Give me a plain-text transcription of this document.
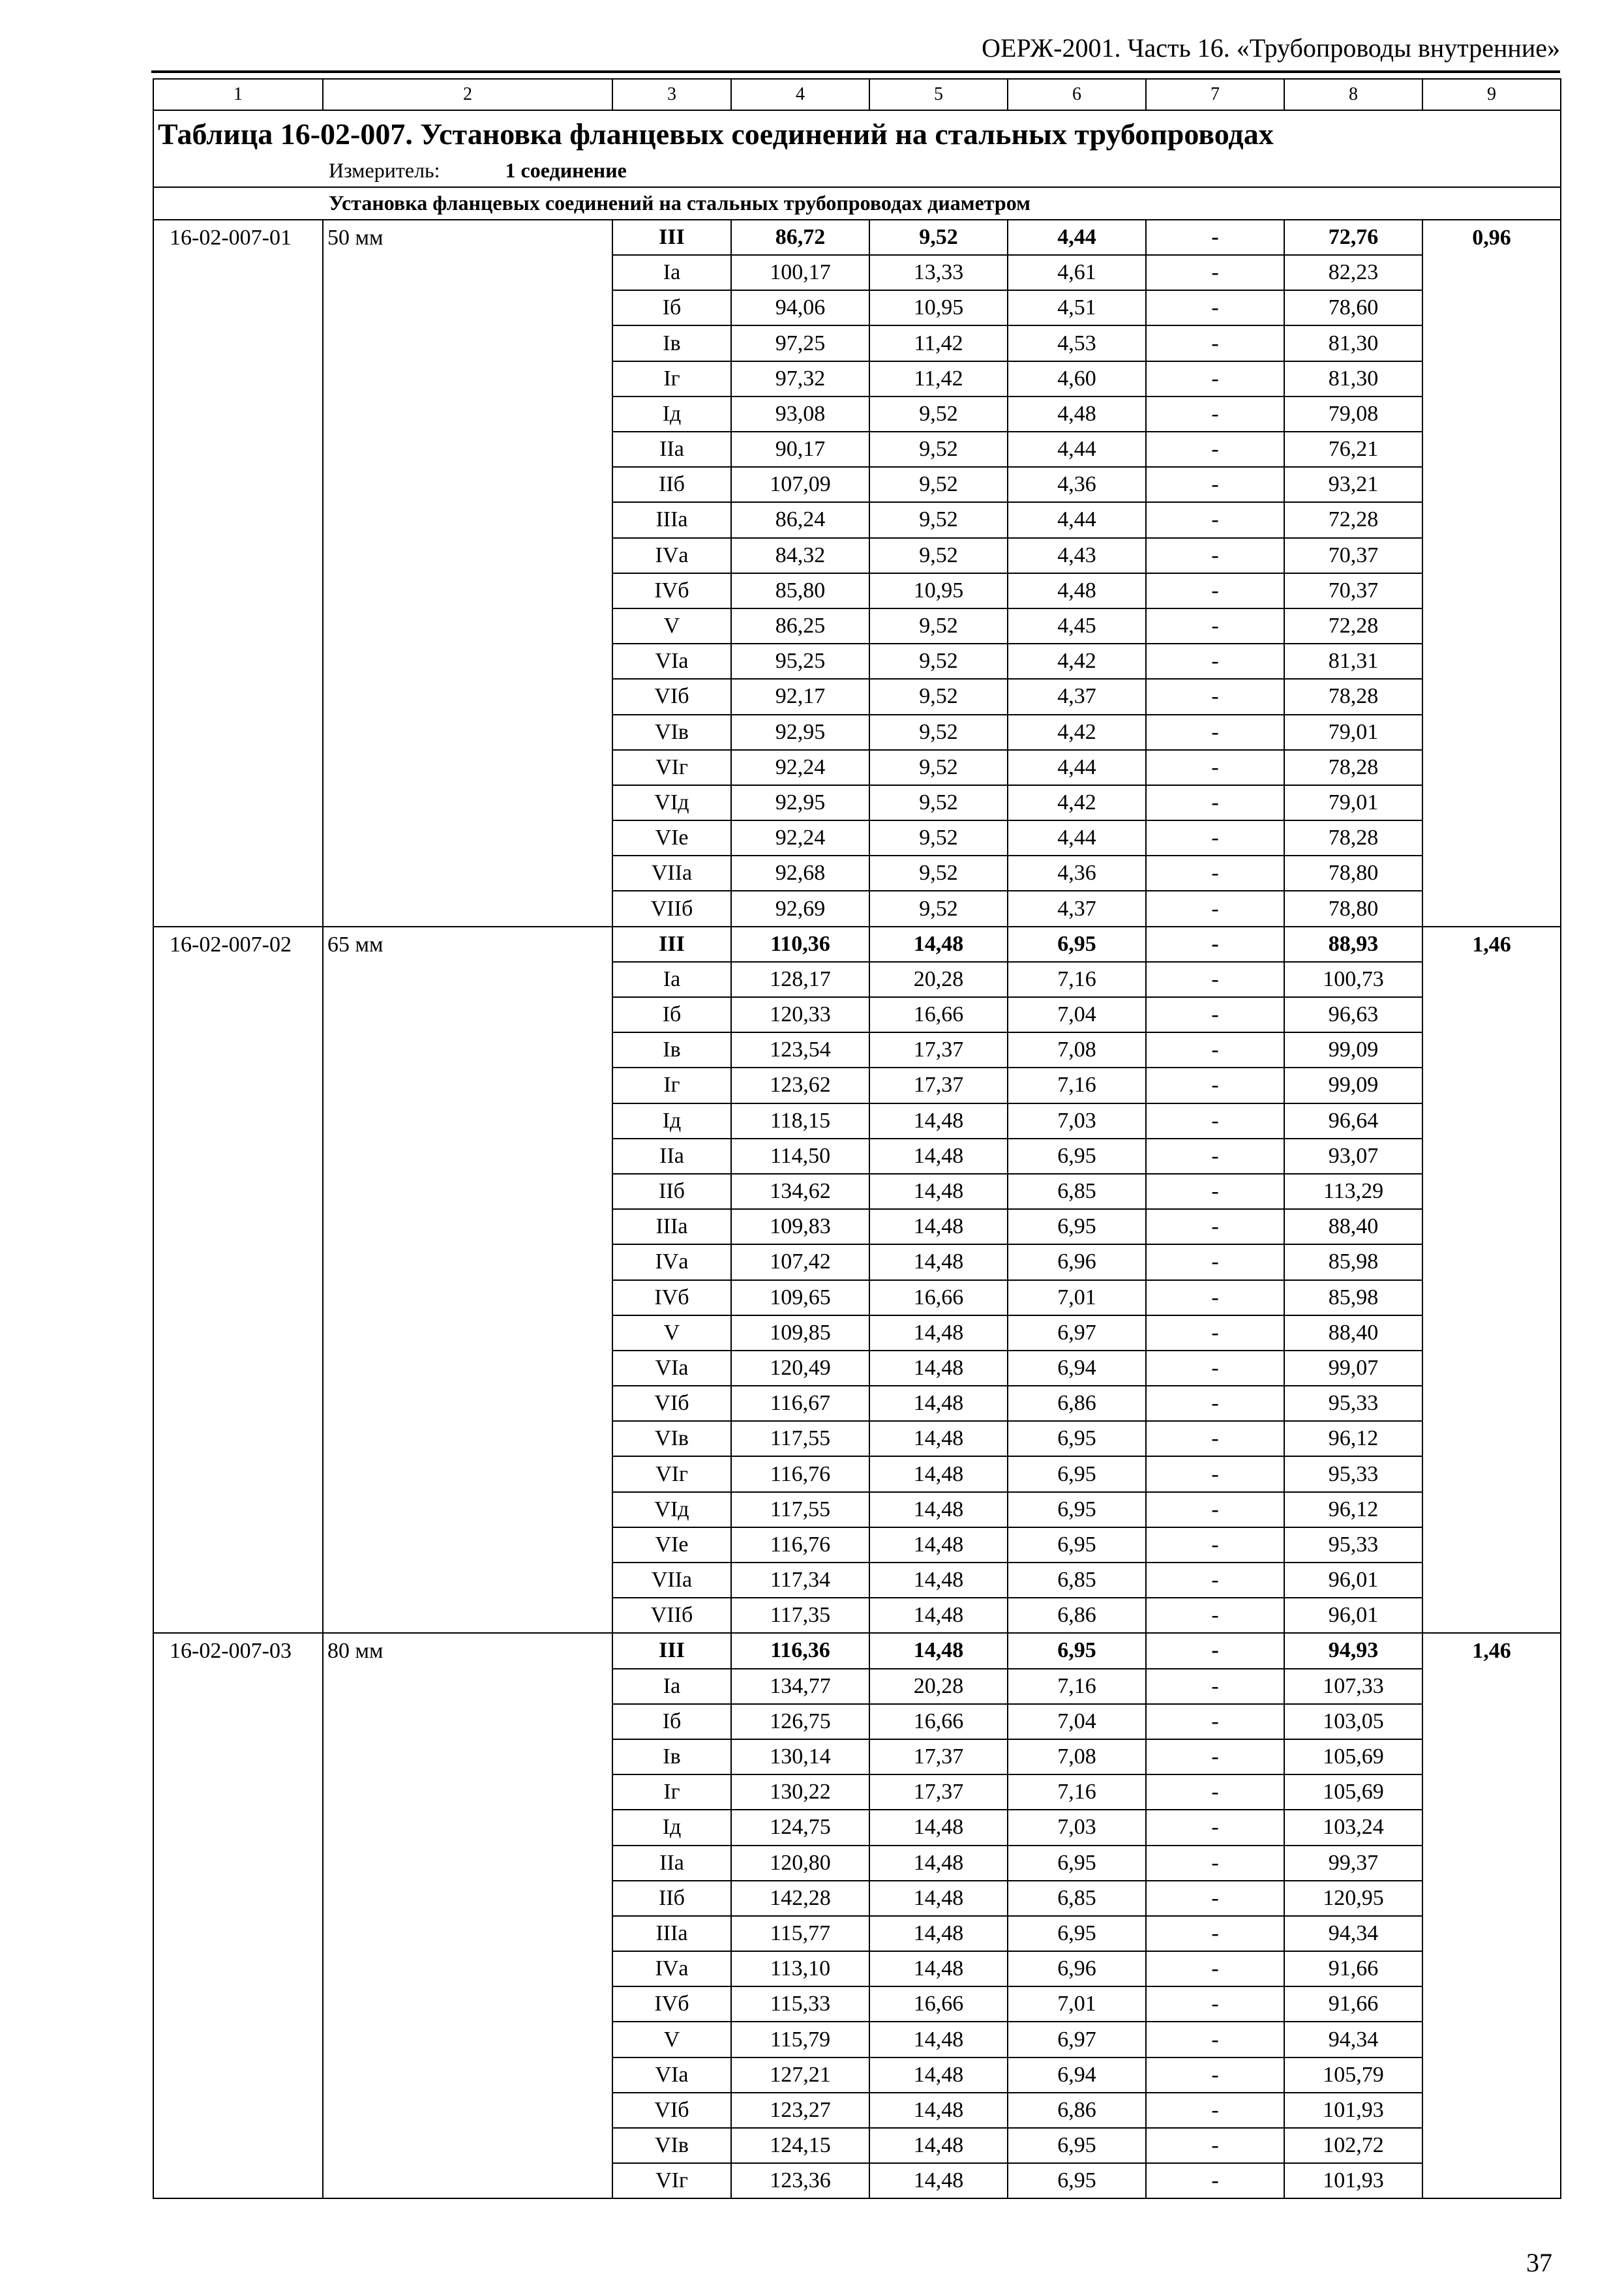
ОЕРЖ-2001. Часть 16. «Трубопроводы внутренние»
1	2	3	4	5	6	7	8	9

Таблица 16-02-007. Установка фланцевых соединений на стальных трубопроводах
Измеритель: 1 соединение								

Установка фланцевых соединений на стальных трубопроводах диаметром								
16-02-007-01	50 мм	III	86,72	9,52	4,44	-	72,76	0,96
		Iа	100,17	13,33	4,61	-	82,23	
		Iб	94,06	10,95	4,51	-	78,60	
		Iв	97,25	11,42	4,53	-	81,30	
		Iг	97,32	11,42	4,60	-	81,30	
		Iд	93,08	9,52	4,48	-	79,08	
		IIа	90,17	9,52	4,44	-	76,21	
		IIб	107,09	9,52	4,36	-	93,21	
		IIIа	86,24	9,52	4,44	-	72,28	
		IVа	84,32	9,52	4,43	-	70,37	
		IVб	85,80	10,95	4,48	-	70,37	
		V	86,25	9,52	4,45	-	72,28	
		VIа	95,25	9,52	4,42	-	81,31	
		VIб	92,17	9,52	4,37	-	78,28	
		VIв	92,95	9,52	4,42	-	79,01	
		VIг	92,24	9,52	4,44	-	78,28	
		VIд	92,95	9,52	4,42	-	79,01	
		VIе	92,24	9,52	4,44	-	78,28	
		VIIа	92,68	9,52	4,36	-	78,80	
		VIIб	92,69	9,52	4,37	-	78,80	
16-02-007-02	65 мм	III	110,36	14,48	6,95	-	88,93	1,46
		Iа	128,17	20,28	7,16	-	100,73	
		Iб	120,33	16,66	7,04	-	96,63	
		Iв	123,54	17,37	7,08	-	99,09	
		Iг	123,62	17,37	7,16	-	99,09	
		Iд	118,15	14,48	7,03	-	96,64	
		IIа	114,50	14,48	6,95	-	93,07	
		IIб	134,62	14,48	6,85	-	113,29	
		IIIа	109,83	14,48	6,95	-	88,40	
		IVа	107,42	14,48	6,96	-	85,98	
		IVб	109,65	16,66	7,01	-	85,98	
		V	109,85	14,48	6,97	-	88,40	
		VIа	120,49	14,48	6,94	-	99,07	
		VIб	116,67	14,48	6,86	-	95,33	
		VIв	117,55	14,48	6,95	-	96,12	
		VIг	116,76	14,48	6,95	-	95,33	
		VIд	117,55	14,48	6,95	-	96,12	
		VIе	116,76	14,48	6,95	-	95,33	
		VIIа	117,34	14,48	6,85	-	96,01	
		VIIб	117,35	14,48	6,86	-	96,01	
16-02-007-03	80 мм	III	116,36	14,48	6,95	-	94,93	1,46
		Iа	134,77	20,28	7,16	-	107,33	
		Iб	126,75	16,66	7,04	-	103,05	
		Iв	130,14	17,37	7,08	-	105,69	
		Iг	130,22	17,37	7,16	-	105,69	
		Iд	124,75	14,48	7,03	-	103,24	
		IIа	120,80	14,48	6,95	-	99,37	
		IIб	142,28	14,48	6,85	-	120,95	
		IIIа	115,77	14,48	6,95	-	94,34	
		IVа	113,10	14,48	6,96	-	91,66	
		IVб	115,33	16,66	7,01	-	91,66	
		V	115,79	14,48	6,97	-	94,34	
		VIа	127,21	14,48	6,94	-	105,79	
		VIб	123,27	14,48	6,86	-	101,93	
		VIв	124,15	14,48	6,95	-	102,72	
		VIг	123,36	14,48	6,95	-	101,93	
37
